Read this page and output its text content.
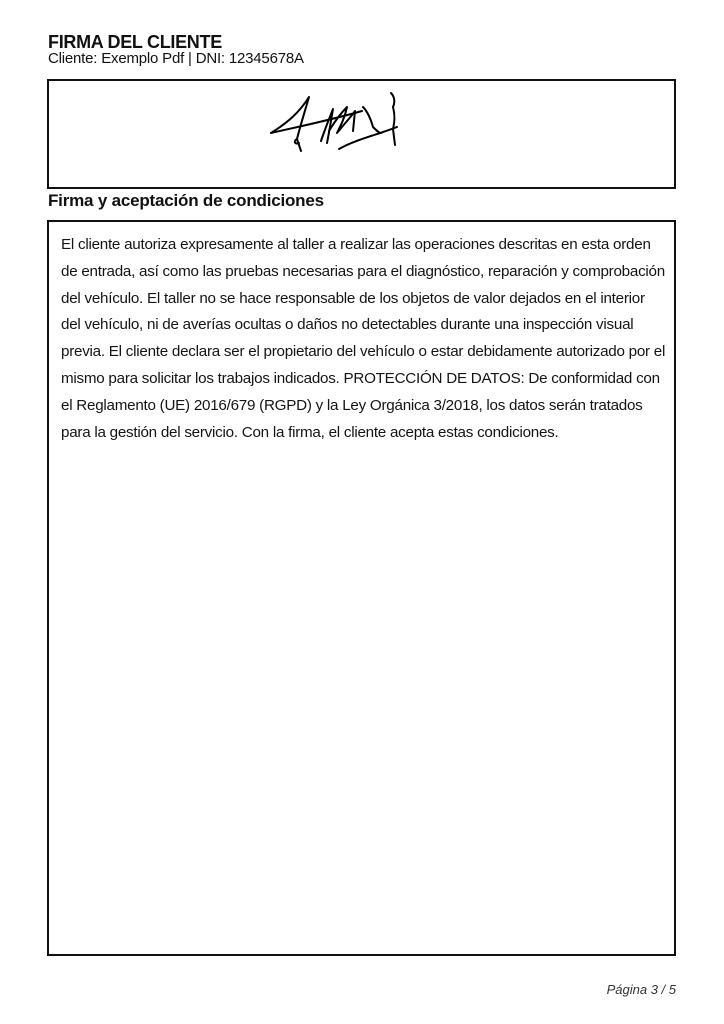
FIRMA DEL CLIENTE
Cliente: Exemplo Pdf | DNI: 12345678A
Firma y aceptación de condiciones

El cliente autoriza expresamente al taller a realizar las operaciones descritas en esta orden de entrada, así como las pruebas necesarias para el diagnóstico, reparación y comprobación del vehículo. El taller no se hace responsable de los objetos de valor dejados en el interior del vehículo, ni de averías ocultas o daños no detectables durante una inspección visual previa. El cliente declara ser el propietario del vehículo o estar debidamente autorizado por el mismo para solicitar los trabajos indicados. PROTECCIÓN DE DATOS: De conformidad con el Reglamento (UE) 2016/679 (RGPD) y la Ley Orgánica 3/2018, los datos serán tratados para la gestión del servicio. Con la firma, el cliente acepta estas condiciones.

Página 3 / 5
